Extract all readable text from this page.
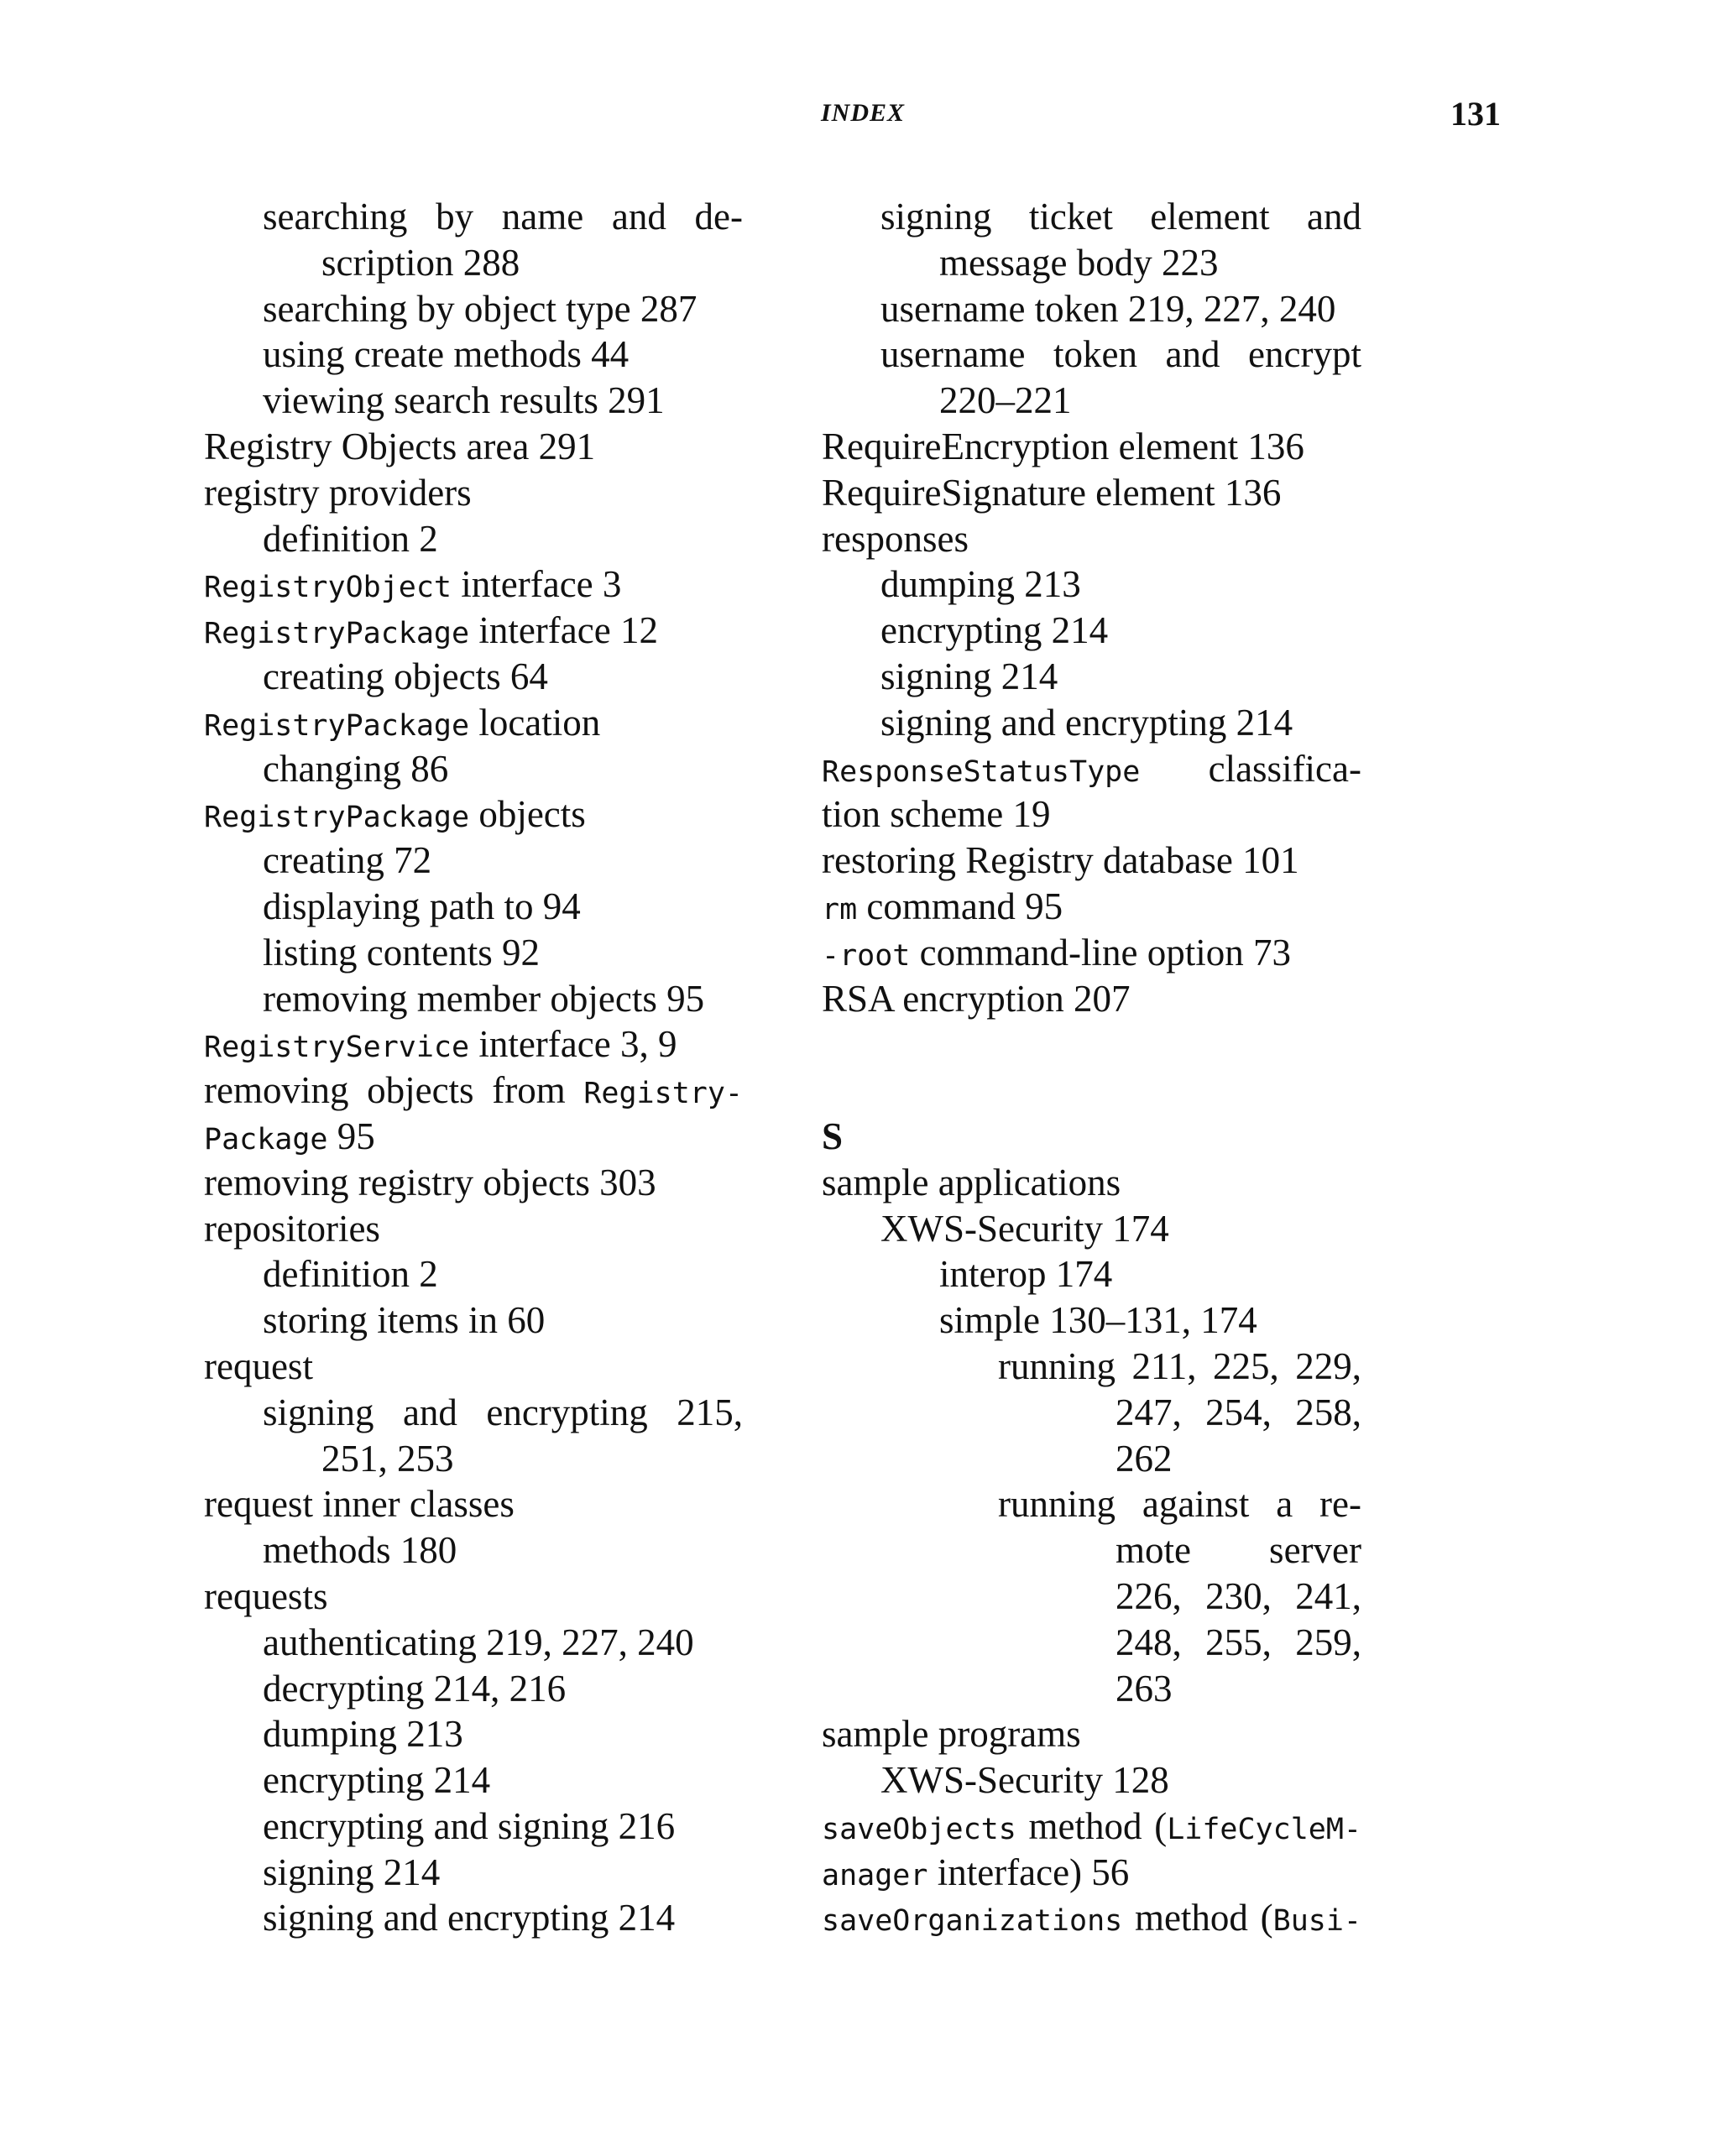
INDEX	131
searching by name and de-
scription 288
searching by object type 287
using create methods 44
viewing search results 291
Registry Objects area 291
registry providers
definition 2
RegistryObject interface 3
RegistryPackage interface 12
creating objects 64
RegistryPackage location
changing 86
RegistryPackage objects
creating 72
displaying path to 94
listing contents 92
removing member objects 95
RegistryService interface 3, 9
removing objects from Registry-
Package 95
removing registry objects 303
repositories
definition 2
storing items in 60
request
signing and encrypting 215,
251, 253
request inner classes
methods 180
requests
authenticating 219, 227, 240
decrypting 214, 216
dumping 213
encrypting 214
encrypting and signing 216
signing 214
signing and encrypting 214
signing ticket element and
message body 223
username token 219, 227, 240
username token and encrypt
220–221
RequireEncryption element 136
RequireSignature element 136
responses
dumping 213
encrypting 214
signing 214
signing and encrypting 214
ResponseStatusType classifica-
tion scheme 19
restoring Registry database 101
rm command 95
-root command-line option 73
RSA encryption 207
S
sample applications
XWS-Security 174
interop 174
simple 130–131, 174
running 211, 225, 229,
247, 254, 258,
262
running against a re-
mote server
226, 230, 241,
248, 255, 259,
263
sample programs
XWS-Security 128
saveObjects method (LifeCycleM-
anager interface) 56
saveOrganizations method (Busi-
